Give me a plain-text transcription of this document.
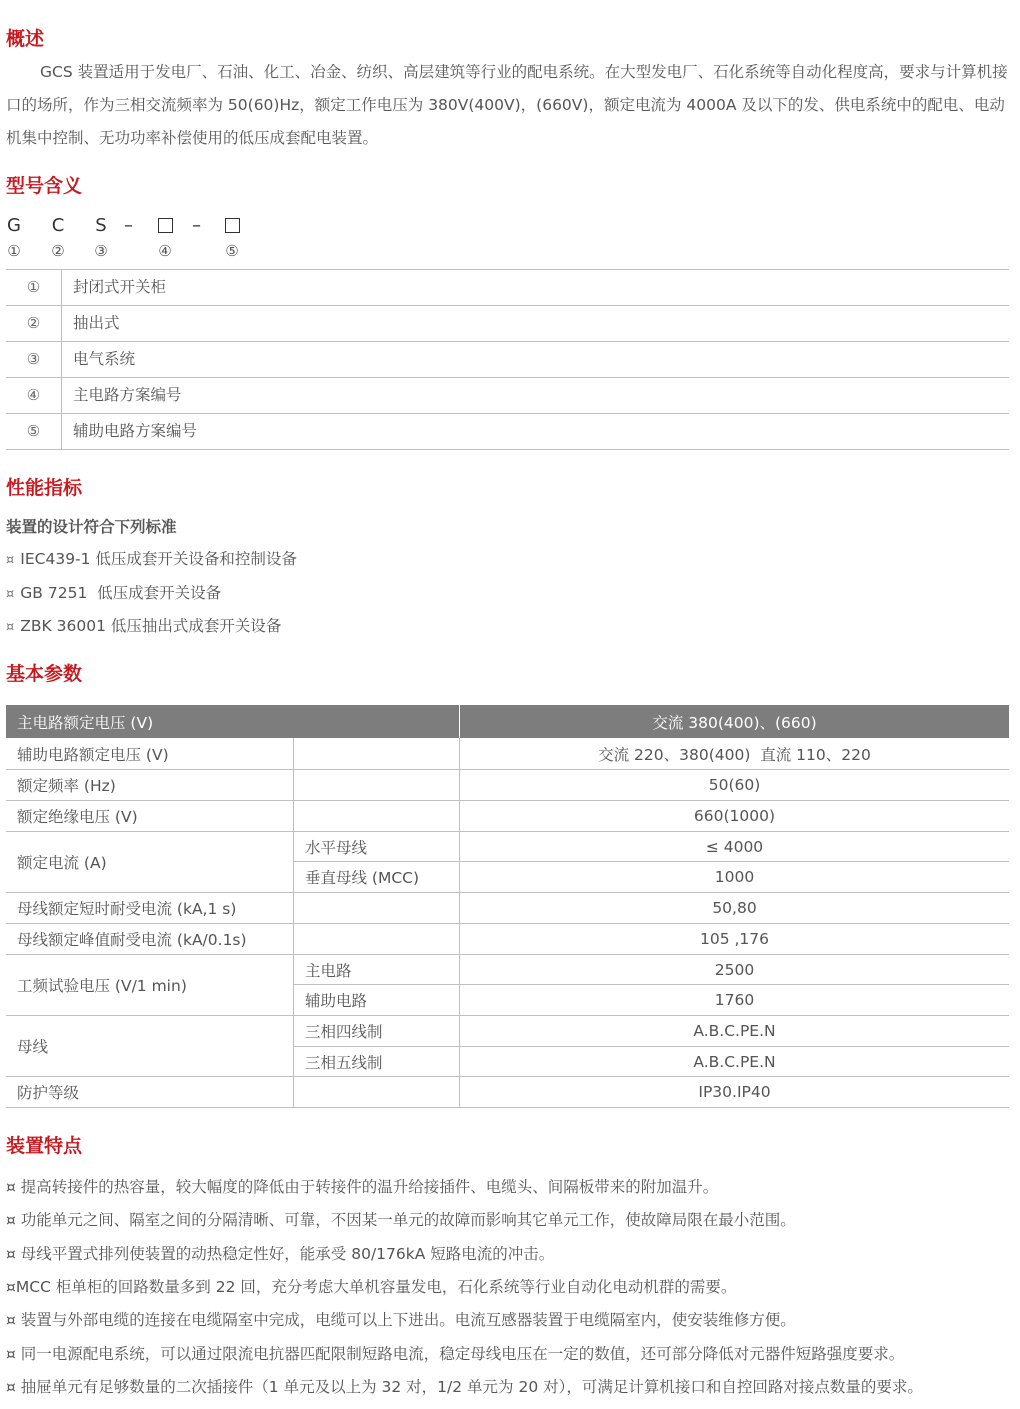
概述
GCS 装置适用于发电厂、石油、化工、冶金、纺织、高层建筑等行业的配电系统。在大型发电厂、石化系统等自动化程度高，要求与计算机接口的场所，作为三相交流频率为 50(60)Hz，额定工作电压为 380V(400V)，(660V)，额定电流为 4000A 及以下的发、供电系统中的配电、电动机集中控制、无功功率补偿使用的低压成套配电装置。
型号含义
G	C	S –	–
① ② ③	④	⑤
①	封闭式开关柜
②	抽出式
③	电气系统
④	主电路方案编号
⑤	辅助电路方案编号
性能指标
装置的设计符合下列标准
¤ IEC439-1 低压成套开关设备和控制设备
¤ GB 7251  低压成套开关设备
¤ ZBK 36001 低压抽出式成套开关设备
基本参数
主电路额定电压 (V)	交流 380(400)、(660)
辅助电路额定电压 (V)	交流 220、380(400)  直流 110、220
额定频率 (Hz)	50(60)
额定绝缘电压 (V)	660(1000)
额定电流 (A)
水平母线	≤ 4000
垂直母线 (MCC)	1000
母线额定短时耐受电流 (kA,1 s)	50,80
母线额定峰值耐受电流 (kA/0.1s)	105 ,176
工频试验电压 (V/1 min)
主电路	2500
辅助电路	1760
母线
三相四线制	A.B.C.PE.N
三相五线制	A.B.C.PE.N
防护等级	IP30.IP40
装置特点
¤ 提高转接件的热容量，较大幅度的降低由于转接件的温升给接插件、电缆头、间隔板带来的附加温升。
¤ 功能单元之间、隔室之间的分隔清晰、可靠，不因某一单元的故障而影响其它单元工作，使故障局限在最小范围。
¤ 母线平置式排列使装置的动热稳定性好，能承受 80/176kA 短路电流的冲击。
¤MCC 柜单柜的回路数量多到 22 回，充分考虑大单机容量发电，石化系统等行业自动化电动机群的需要。
¤ 装置与外部电缆的连接在电缆隔室中完成，电缆可以上下进出。电流互感器装置于电缆隔室内，使安装维修方便。
¤ 同一电源配电系统，可以通过限流电抗器匹配限制短路电流，稳定母线电压在一定的数值，还可部分降低对元器件短路强度要求。
¤ 抽屉单元有足够数量的二次插接件（1 单元及以上为 32 对，1/2 单元为 20 对），可满足计算机接口和自控回路对接点数量的要求。
